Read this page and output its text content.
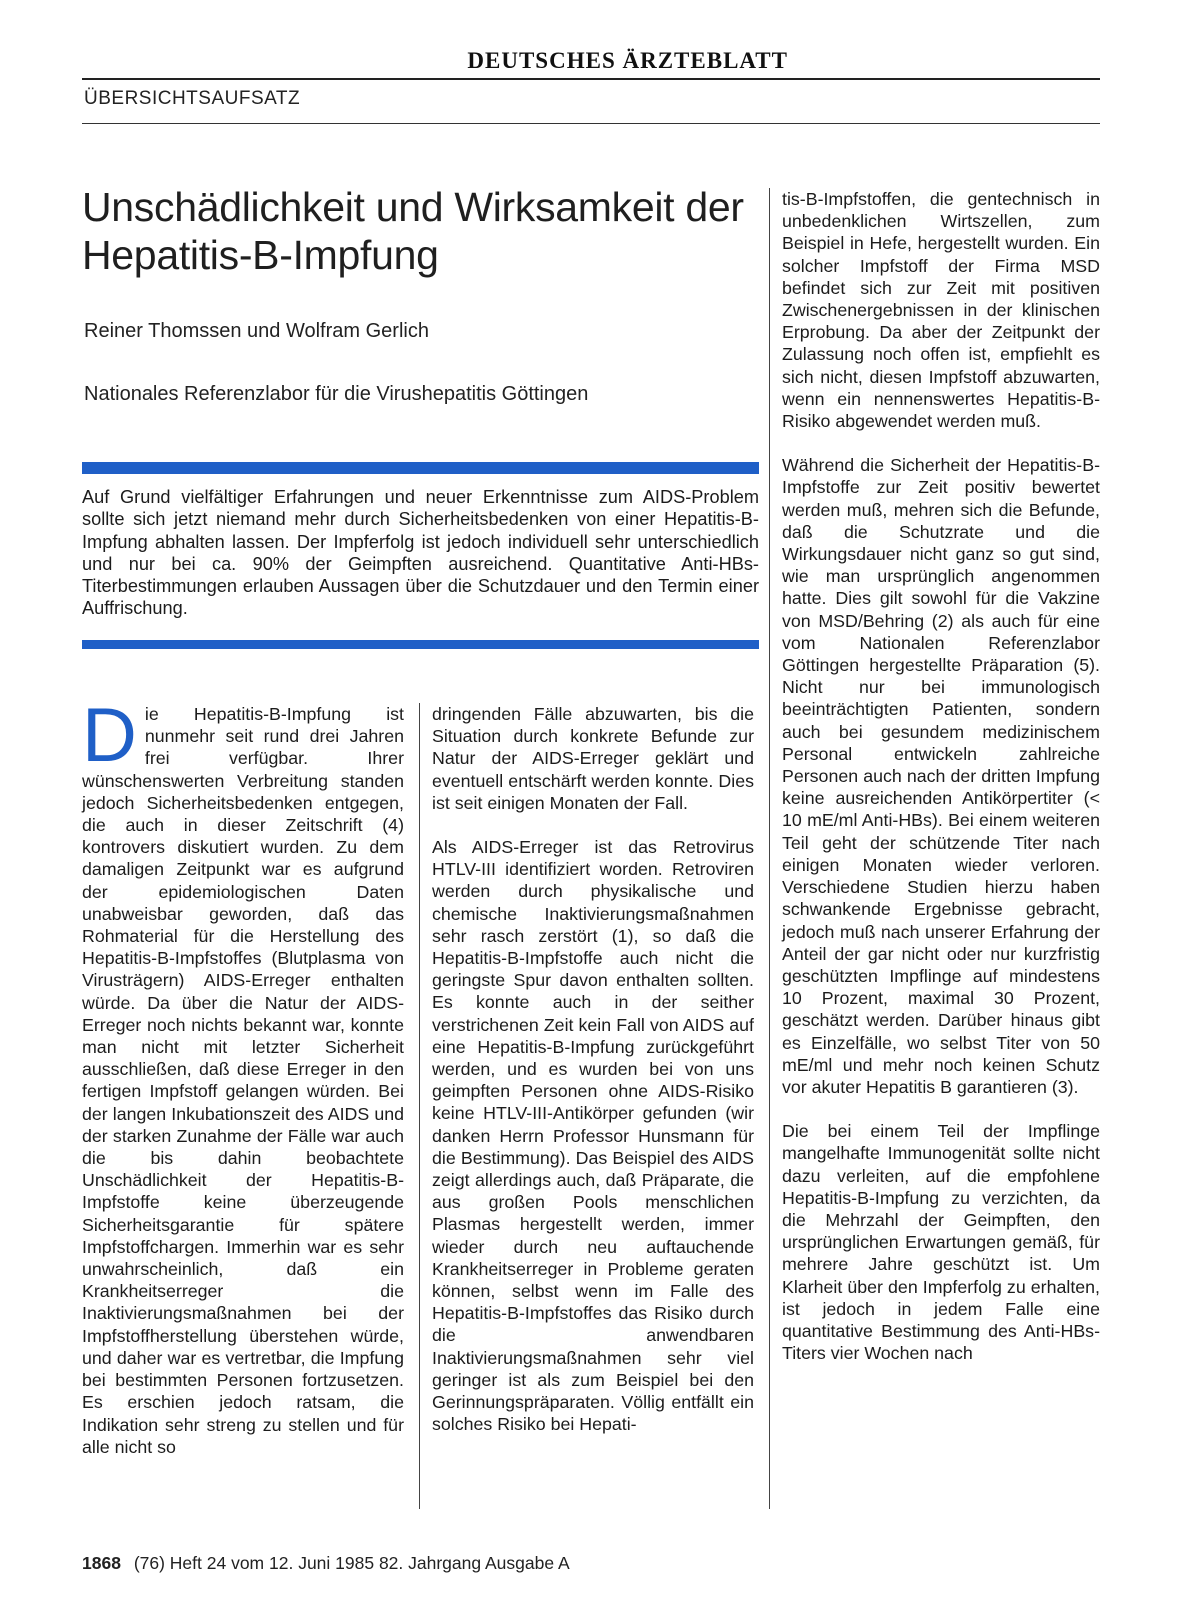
DEUTSCHES ÄRZTEBLATT
ÜBERSICHTSAUFSATZ
Unschädlichkeit und Wirksamkeit der Hepatitis-B-Impfung
Reiner Thomssen und Wolfram Gerlich
Nationales Referenzlabor für die Virushepatitis Göttingen
Auf Grund vielfältiger Erfahrungen und neuer Erkenntnisse zum AIDS-Problem sollte sich jetzt niemand mehr durch Sicherheitsbedenken von einer Hepatitis-B-Impfung abhalten lassen. Der Impferfolg ist jedoch individuell sehr unterschiedlich und nur bei ca. 90% der Geimpften ausreichend. Quantitative Anti-HBs-Titerbestimmungen erlauben Aussagen über die Schutzdauer und den Termin einer Auffrischung.

Die Hepatitis-B-Impfung ist nunmehr seit rund drei Jahren frei verfügbar. Ihrer wünschenswerten Verbreitung standen jedoch Sicherheitsbedenken entgegen, die auch in dieser Zeitschrift (4) kontrovers diskutiert wurden. Zu dem damaligen Zeitpunkt war es aufgrund der epidemiologischen Daten unabweisbar geworden, daß das Rohmaterial für die Herstellung des Hepatitis-B-Impfstoffes (Blutplasma von Virusträgern) AIDS-Erreger enthalten würde. Da über die Natur der AIDS-Erreger noch nichts bekannt war, konnte man nicht mit letzter Sicherheit ausschließen, daß diese Erreger in den fertigen Impfstoff gelangen würden. Bei der langen Inkubationszeit des AIDS und der starken Zunahme der Fälle war auch die bis dahin beobachtete Unschädlichkeit der Hepatitis-B-Impfstoffe keine überzeugende Sicherheitsgarantie für spätere Impfstoffchargen. Immerhin war es sehr unwahrscheinlich, daß ein Krankheitserreger die Inaktivierungsmaßnahmen bei der Impfstoffherstellung überstehen würde, und daher war es vertretbar, die Impfung bei bestimmten Personen fortzusetzen. Es erschien jedoch ratsam, die Indikation sehr streng zu stellen und für alle nicht so

dringenden Fälle abzuwarten, bis die Situation durch konkrete Befunde zur Natur der AIDS-Erreger geklärt und eventuell entschärft werden konnte. Dies ist seit einigen Monaten der Fall.

Als AIDS-Erreger ist das Retrovirus HTLV-III identifiziert worden. Retroviren werden durch physikalische und chemische Inaktivierungsmaßnahmen sehr rasch zerstört (1), so daß die Hepatitis-B-Impfstoffe auch nicht die geringste Spur davon enthalten sollten. Es konnte auch in der seither verstrichenen Zeit kein Fall von AIDS auf eine Hepatitis-B-Impfung zurückgeführt werden, und es wurden bei von uns geimpften Personen ohne AIDS-Risiko keine HTLV-III-Antikörper gefunden (wir danken Herrn Professor Hunsmann für die Bestimmung). Das Beispiel des AIDS zeigt allerdings auch, daß Präparate, die aus großen Pools menschlichen Plasmas hergestellt werden, immer wieder durch neu auftauchende Krankheitserreger in Probleme geraten können, selbst wenn im Falle des Hepatitis-B-Impfstoffes das Risiko durch die anwendbaren Inaktivierungsmaßnahmen sehr viel geringer ist als zum Beispiel bei den Gerinnungspräparaten. Völlig entfällt ein solches Risiko bei Hepati-

tis-B-Impfstoffen, die gentechnisch in unbedenklichen Wirtszellen, zum Beispiel in Hefe, hergestellt wurden. Ein solcher Impfstoff der Firma MSD befindet sich zur Zeit mit positiven Zwischenergebnissen in der klinischen Erprobung. Da aber der Zeitpunkt der Zulassung noch offen ist, empfiehlt es sich nicht, diesen Impfstoff abzuwarten, wenn ein nennenswertes Hepatitis-B-Risiko abgewendet werden muß.

Während die Sicherheit der Hepatitis-B-Impfstoffe zur Zeit positiv bewertet werden muß, mehren sich die Befunde, daß die Schutzrate und die Wirkungsdauer nicht ganz so gut sind, wie man ursprünglich angenommen hatte. Dies gilt sowohl für die Vakzine von MSD/Behring (2) als auch für eine vom Nationalen Referenzlabor Göttingen hergestellte Präparation (5). Nicht nur bei immunologisch beeinträchtigten Patienten, sondern auch bei gesundem medizinischem Personal entwickeln zahlreiche Personen auch nach der dritten Impfung keine ausreichenden Antikörpertiter (< 10 mE/ml Anti-HBs). Bei einem weiteren Teil geht der schützende Titer nach einigen Monaten wieder verloren. Verschiedene Studien hierzu haben schwankende Ergebnisse gebracht, jedoch muß nach unserer Erfahrung der Anteil der gar nicht oder nur kurzfristig geschützten Impflinge auf mindestens 10 Prozent, maximal 30 Prozent, geschätzt werden. Darüber hinaus gibt es Einzelfälle, wo selbst Titer von 50 mE/ml und mehr noch keinen Schutz vor akuter Hepatitis B garantieren (3).

Die bei einem Teil der Impflinge mangelhafte Immunogenität sollte nicht dazu verleiten, auf die empfohlene Hepatitis-B-Impfung zu verzichten, da die Mehrzahl der Geimpften, den ursprünglichen Erwartungen gemäß, für mehrere Jahre geschützt ist. Um Klarheit über den Impferfolg zu erhalten, ist jedoch in jedem Falle eine quantitative Bestimmung des Anti-HBs-Titers vier Wochen nach

1868 (76) Heft 24 vom 12. Juni 1985 82. Jahrgang Ausgabe A
